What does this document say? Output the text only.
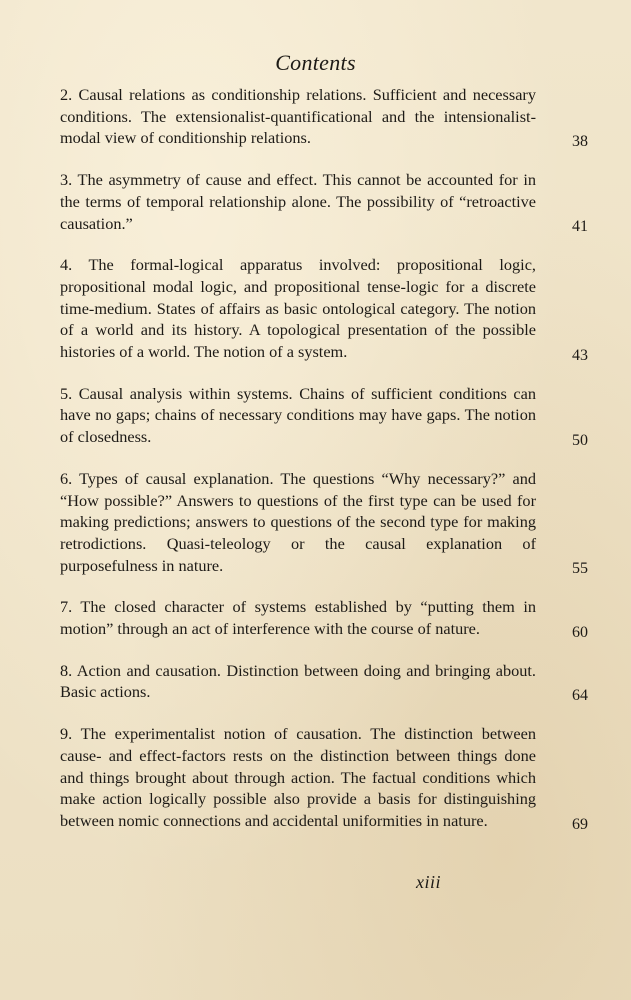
Contents
2. Causal relations as conditionship relations. Sufficient and necessary conditions. The extensionalist-quantificational and the intensionalist-modal view of conditionship relations.	38
3. The asymmetry of cause and effect. This cannot be accounted for in the terms of temporal relationship alone. The possibility of “retroactive causation.”	41
4. The formal-logical apparatus involved: propositional logic, propositional modal logic, and propositional tense-logic for a discrete time-medium. States of affairs as basic ontological category. The notion of a world and its history. A topological presentation of the possible histories of a world. The notion of a system.	43
5. Causal analysis within systems. Chains of sufficient conditions can have no gaps; chains of necessary conditions may have gaps. The notion of closedness.	50
6. Types of causal explanation. The questions “Why necessary?” and “How possible?” Answers to questions of the first type can be used for making predictions; answers to questions of the second type for making retrodictions. Quasi-teleology or the causal explanation of purposefulness in nature.	55
7. The closed character of systems established by “putting them in motion” through an act of interference with the course of nature.	60
8. Action and causation. Distinction between doing and bringing about. Basic actions.	64
9. The experimentalist notion of causation. The distinction between cause- and effect-factors rests on the distinction between things done and things brought about through action. The factual conditions which make action logically possible also provide a basis for distinguishing between nomic connections and accidental uniformities in nature.	69
xiii
